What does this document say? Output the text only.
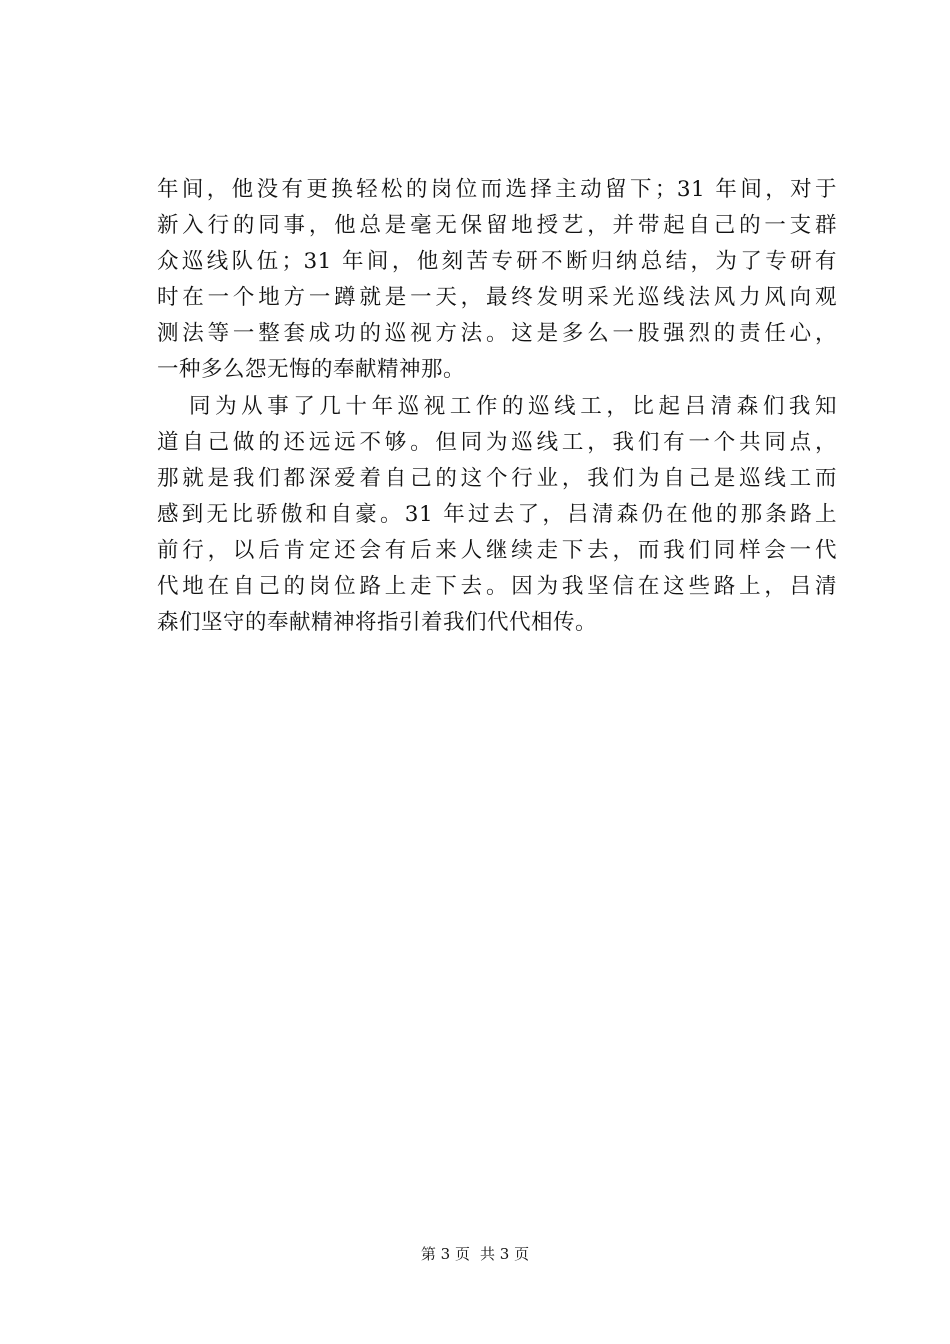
年间，他没有更换轻松的岗位而选择主动留下；31 年间，对于
新入行的同事，他总是毫无保留地授艺，并带起自己的一支群
众巡线队伍；31 年间，他刻苦专研不断归纳总结，为了专研有
时在一个地方一蹲就是一天，最终发明采光巡线法风力风向观
测法等一整套成功的巡视方法。这是多么一股强烈的责任心，
一种多么怨无悔的奉献精神那。
同为从事了几十年巡视工作的巡线工，比起吕清森们我知
道自己做的还远远不够。但同为巡线工，我们有一个共同点，
那就是我们都深爱着自己的这个行业，我们为自己是巡线工而
感到无比骄傲和自豪。31 年过去了，吕清森仍在他的那条路上
前行，以后肯定还会有后来人继续走下去，而我们同样会一代
代地在自己的岗位路上走下去。因为我坚信在这些路上，吕清
森们坚守的奉献精神将指引着我们代代相传。
第 3 页 共 3 页
